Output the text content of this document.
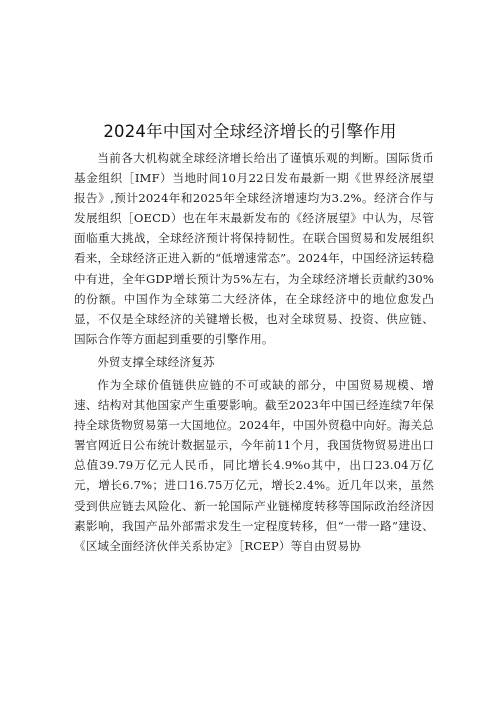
2024年中国对全球经济增长的引擎作用

当前各大机构就全球经济增长给出了谨慎乐观的判断。国际货币基金组织［IMF）当地时间10月22日发布最新一期《世界经济展望报告》,预计2024年和2025年全球经济增速均为3.2%。经济合作与发展组织［OECD）也在年末最新发布的《经济展望》中认为，尽管面临重大挑战，全球经济预计将保持韧性。在联合国贸易和发展组织看来，全球经济正进入新的“低增速常态”。2024年，中国经济运转稳中有进，全年GDP增长预计为5%左右，为全球经济增长贡献约30%的份额。中国作为全球第二大经济体，在全球经济中的地位愈发凸显，不仅是全球经济的关键增长极，也对全球贸易、投资、供应链、国际合作等方面起到重要的引擎作用。

外贸支撑全球经济复苏

作为全球价值链供应链的不可或缺的部分，中国贸易规模、增速、结构对其他国家产生重要影响。截至2023年中国已经连续7年保持全球货物贸易第一大国地位。2024年，中国外贸稳中向好。海关总署官网近日公布统计数据显示，今年前11个月，我国货物贸易进出口总值39.79万亿元人民币，同比增长4.9%o其中，出口23.04万亿元，增长6.7%；进口16.75万亿元，增长2.4%。近几年以来，虽然受到供应链去风险化、新一轮国际产业链梯度转移等国际政治经济因素影响，我国产品外部需求发生一定程度转移，但“一带一路”建设、《区域全面经济伙伴关系协定》［RCEP）等自由贸易协
